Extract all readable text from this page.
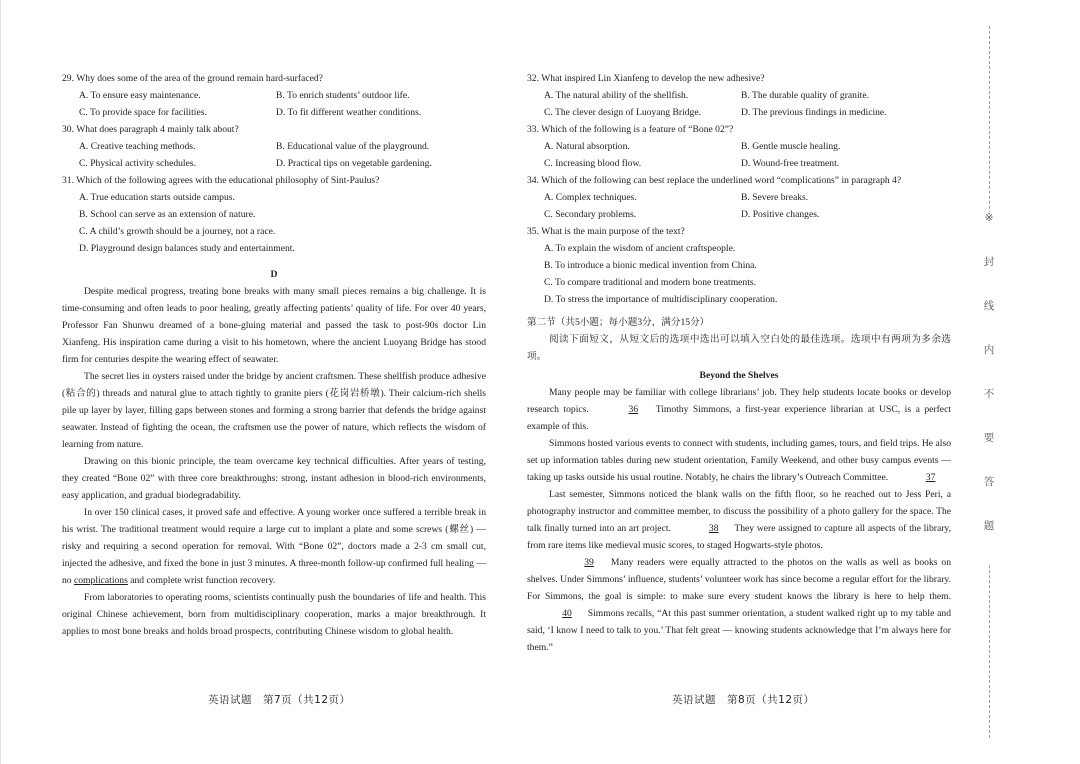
29. Why does some of the area of the ground remain hard-surfaced?
A. To ensure easy maintenance.	B. To enrich students’ outdoor life.
C. To provide space for facilities.	D. To fit different weather conditions.
30. What does paragraph 4 mainly talk about?
A. Creative teaching methods.	B. Educational value of the playground.
C. Physical activity schedules.	D. Practical tips on vegetable gardening.
31. Which of the following agrees with the educational philosophy of Sint-Paulus?
A. True education starts outside campus.
B. School can serve as an extension of nature.
C. A child’s growth should be a journey, not a race.
D. Playground design balances study and entertainment.
D

Despite medical progress, treating bone breaks with many small pieces remains a big challenge. It is time-consuming and often leads to poor healing, greatly affecting patients’ quality of life. For over 40 years, Professor Fan Shunwu dreamed of a bone-gluing material and passed the task to post-90s doctor Lin Xianfeng. His inspiration came during a visit to his hometown, where the ancient Luoyang Bridge has stood firm for centuries despite the wearing effect of seawater.

The secret lies in oysters raised under the bridge by ancient craftsmen. These shellfish produce adhesive (粘合的) threads and natural glue to attach tightly to granite piers (花岗岩桥墩). Their calcium-rich shells pile up layer by layer, filling gaps between stones and forming a strong barrier that defends the bridge against seawater. Instead of fighting the ocean, the craftsmen use the power of nature, which reflects the wisdom of learning from nature.

Drawing on this bionic principle, the team overcame key technical difficulties. After years of testing, they created “Bone 02” with three core breakthroughs: strong, instant adhesion in blood-rich environments, easy application, and gradual biodegradability.

In over 150 clinical cases, it proved safe and effective. A young worker once suffered a terrible break in his wrist. The traditional treatment would require a large cut to implant a plate and some screws (螺丝) — risky and requiring a second operation for removal. With “Bone 02”, doctors made a 2-3 cm small cut, injected the adhesive, and fixed the bone in just 3 minutes. A three-month follow-up confirmed full healing — no complications and complete wrist function recovery.

From laboratories to operating rooms, scientists continually push the boundaries of life and health. This original Chinese achievement, born from multidisciplinary cooperation, marks a major breakthrough. It applies to most bone breaks and holds broad prospects, contributing Chinese wisdom to global health.

英语试题　第7页（共12页）
32. What inspired Lin Xianfeng to develop the new adhesive?
A. The natural ability of the shellfish.	B. The durable quality of granite.
C. The clever design of Luoyang Bridge.	D. The previous findings in medicine.
33. Which of the following is a feature of “Bone 02”?
A. Natural absorption.	B. Gentle muscle healing.
C. Increasing blood flow.	D. Wound-free treatment.
34. Which of the following can best replace the underlined word “complications” in paragraph 4?
A. Complex techniques.	B. Severe breaks.
C. Secondary problems.	D. Positive changes.
35. What is the main purpose of the text?
A. To explain the wisdom of ancient craftspeople.
B. To introduce a bionic medical invention from China.
C. To compare traditional and modern bone treatments.
D. To stress the importance of multidisciplinary cooperation.
第二节（共5小题；每小题3分，满分15分）

阅读下面短文，从短文后的选项中选出可以填入空白处的最佳选项。选项中有两项为多余选项。

Beyond the Shelves

Many people may be familiar with college librarians’ job. They help students locate books or develop research topics.	36 Timothy Simmons, a first-year experience librarian at USC, is a perfect example of this.

Simmons hosted various events to connect with students, including games, tours, and field trips. He also set up information tables during new student orientation, Family Weekend, and other busy campus events — taking up tasks outside his usual routine. Notably, he chairs the library’s Outreach Committee.	37

Last semester, Simmons noticed the blank walls on the fifth floor, so he reached out to Jess Peri, a photography instructor and committee member, to discuss the possibility of a photo gallery for the space. The talk finally turned into an art project.	38 They were assigned to capture all aspects of the library, from rare items like medieval music scores, to staged Hogwarts-style photos.

39 Many readers were equally attracted to the photos on the walls as well as books on shelves. Under Simmons’ influence, students’ volunteer work has since become a regular effort for the library. For Simmons, the goal is simple: to make sure every student knows the library is here to help them. 40 Simmons recalls, “At this past summer orientation, a student walked right up to my table and said, ‘I know I need to talk to you.’ That felt great — knowing students acknowledge that I’m always here for them.”

英语试题　第8页（共12页）
※
封
线
内
不
要
答
题
